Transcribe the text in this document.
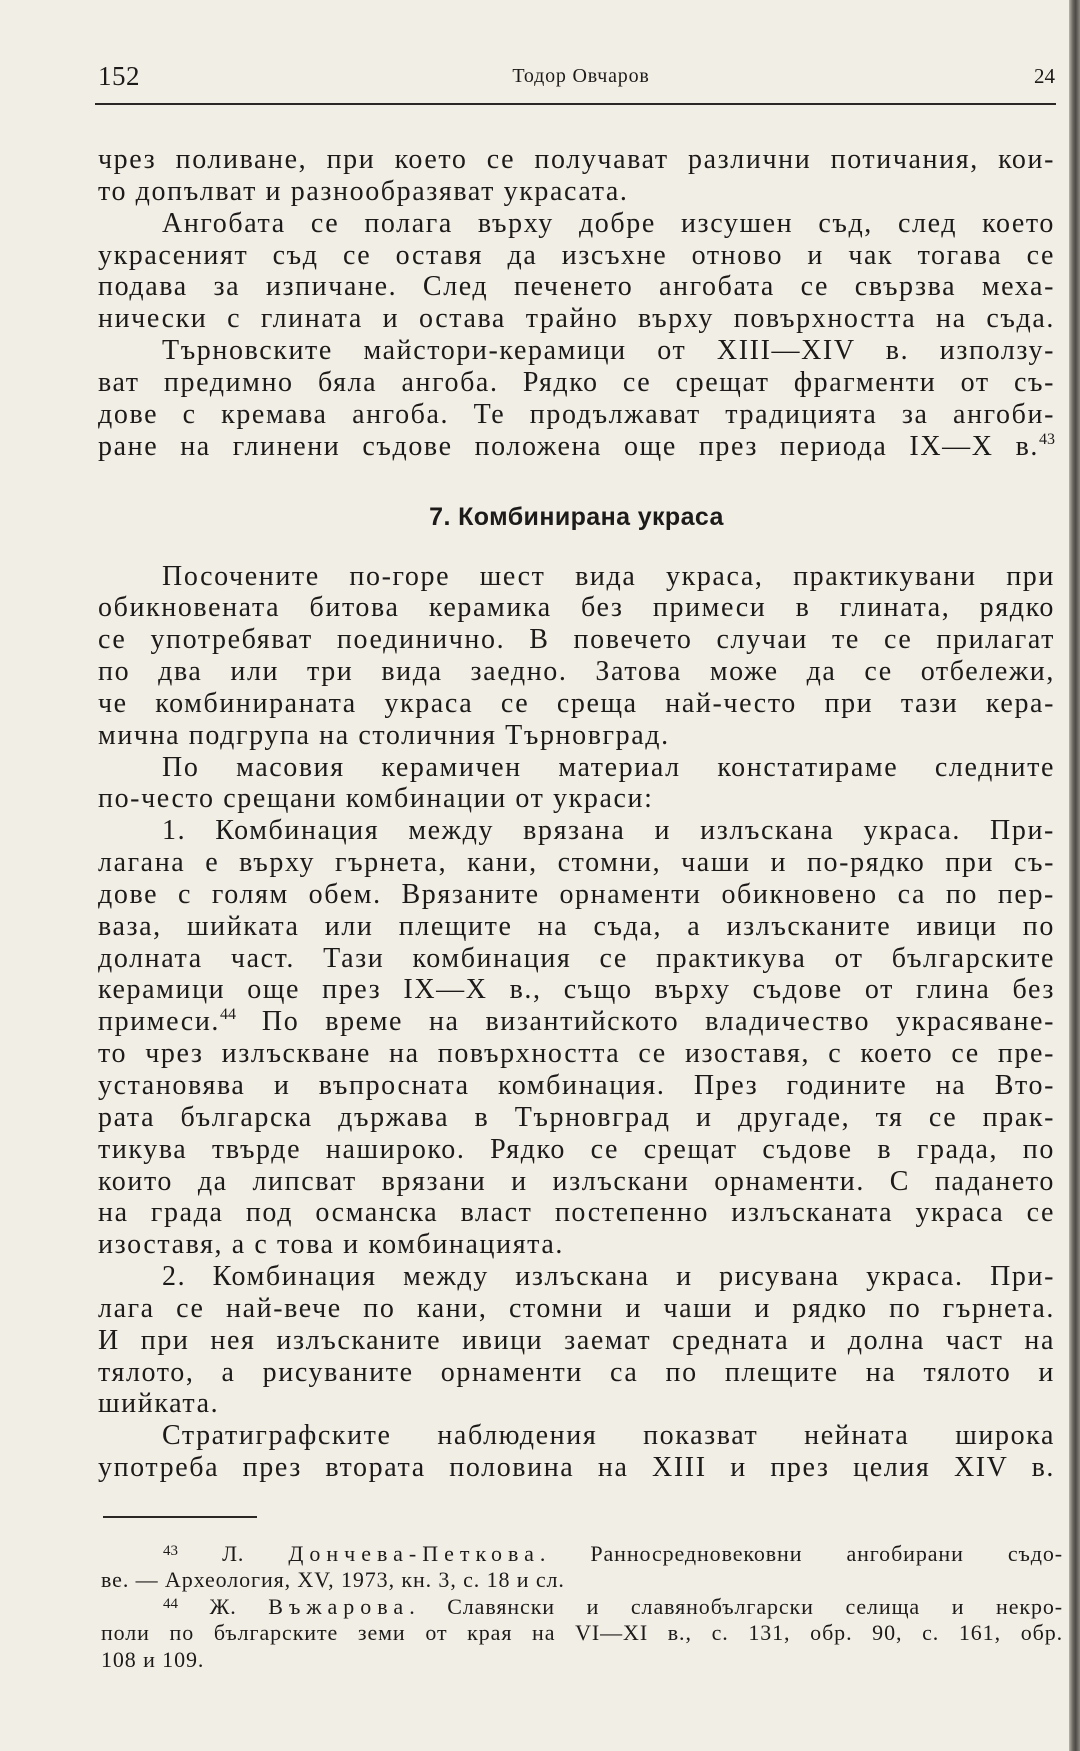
152	Тодор Овчаров	24
чрез поливане, при което се получават различни потичания, кои-
то допълват и разнообразяват украсата.
Ангобата се полага върху добре изсушен съд, след което
украсеният съд се оставя да изсъхне отново и чак тогава се
подава за изпичане. След печенето ангобата се свързва меха-
нически с глината и остава трайно върху повърхността на съда.
Търновските майстори-керамици от XIII—XIV в. използу-
ват предимно бяла ангоба. Рядко се срещат фрагменти от съ-
дове с кремава ангоба. Те продължават традицията за ангоби-
ране на глинени съдове положена още през периода IX—X в.$^{43}$
7. Комбинирана украса
Посочените по-горе шест вида украса, практикувани при
обикновената битова керамика без примеси в глината, рядко
се употребяват поединично. В повечето случаи те се прилагат
по два или три вида заедно. Затова може да се отбележи,
че комбинираната украса се среща най-често при тази кера-
мична подгрупа на столичния Търновград.
По масовия керамичен материал констатираме следните
по-често срещани комбинации от украси:
1. Комбинация между врязана и излъскана украса. При-
лагана е върху гърнета, кани, стомни, чаши и по-рядко при съ-
дове с голям обем. Врязаните орнаменти обикновено са по пер-
ваза, шийката или плещите на съда, а излъсканите ивици по
долната част. Тази комбинация се практикува от българските
керамици още през IX—X в., също върху съдове от глина без
примеси.$^{44}$ По време на византийското владичество украсяване-
то чрез излъскване на повърхността се изоставя, с което се пре-
установява и въпросната комбинация. През годините на Вто-
рата българска държава в Търновград и другаде, тя се прак-
тикува твърде нашироко. Рядко се срещат съдове в града, по
които да липсват врязани и излъскани орнаменти. С падането
на града под османска власт постепенно излъсканата украса се
изоставя, а с това и комбинацията.
2. Комбинация между излъскана и рисувана украса. При-
лага се най-вече по кани, стомни и чаши и рядко по гърнета.
И при нея излъсканите ивици заемат средната и долна част на
тялото, а рисуваните орнаменти са по плещите на тялото и
шийката.
Стратиграфските наблюдения показват нейната широка
употреба през втората половина на XIII и през целия XIV в.
$^{43}$ Л. Дончева-Петкова. Ранносредновековни ангобирани съдо-
ве. — Археология, XV, 1973, кн. 3, с. 18 и сл.
$^{44}$ Ж. Въжарова. Славянски и славянобългарски селища и некро-
поли по българските земи от края на VI—XI в., с. 131, обр. 90, с. 161, обр.
108 и 109.
